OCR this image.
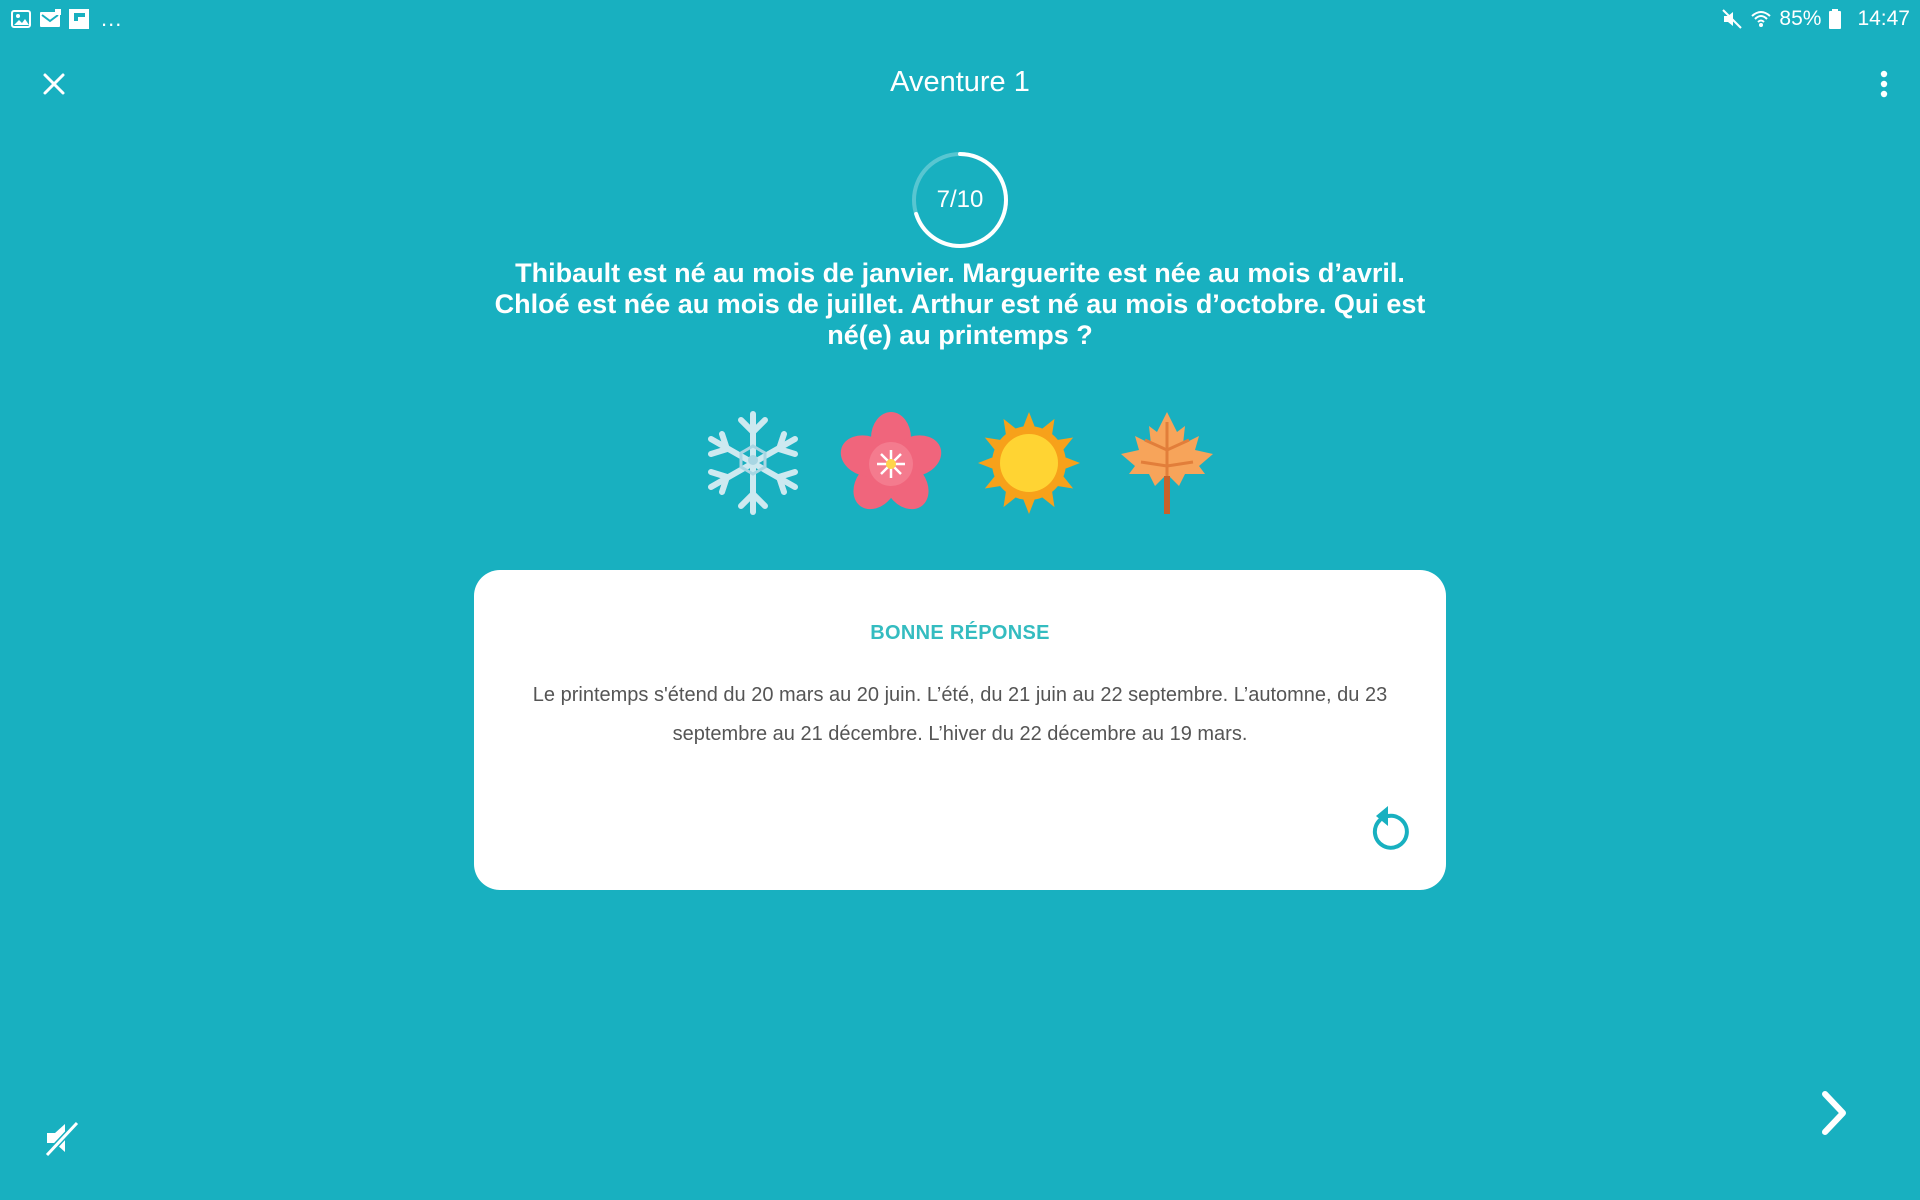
...	85% 14:47
Aventure 1
7/10
Thibault est né au mois de janvier. Marguerite est née au mois d’avril. Chloé est née au mois de juillet. Arthur est né au mois d’octobre. Qui est né(e) au printemps ?
BONNE RÉPONSE
Le printemps s'étend du 20 mars au 20 juin. L’été, du 21 juin au 22 septembre. L’automne, du 23 septembre au 21 décembre. L’hiver du 22 décembre au 19 mars.
